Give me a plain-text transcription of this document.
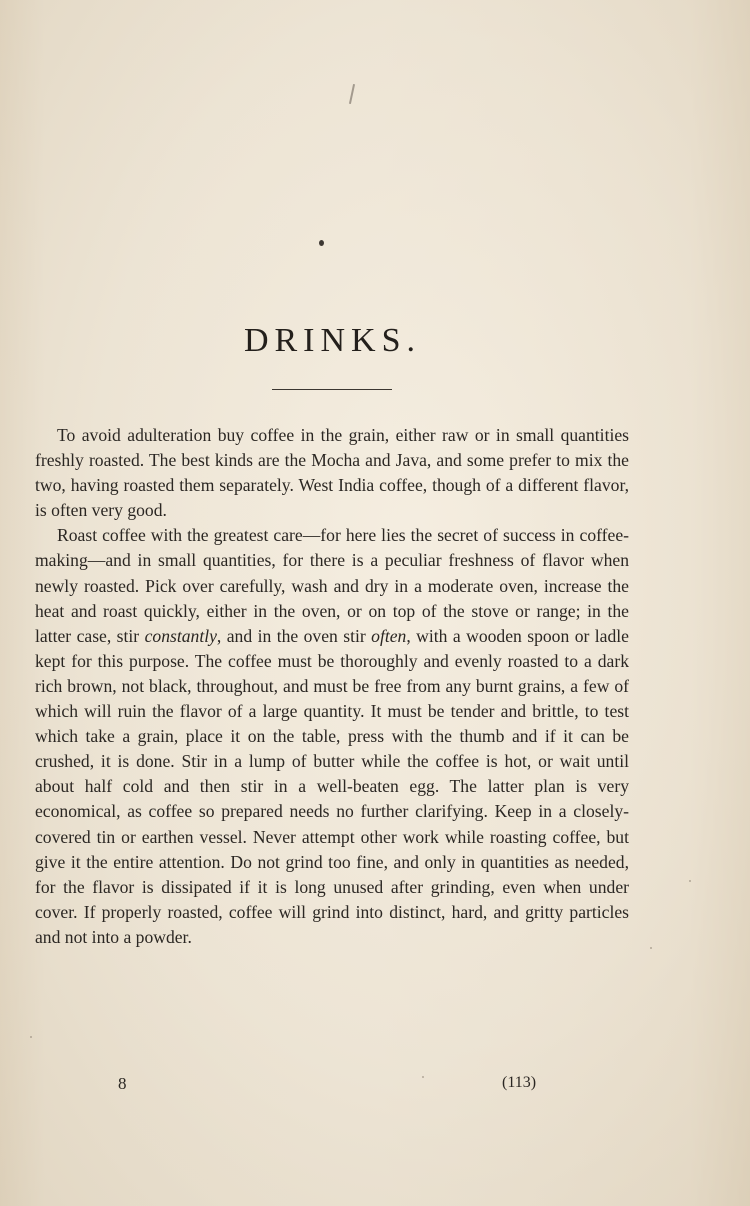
DRINKS.

To avoid adulteration buy coffee in the grain, either raw or in small quantities freshly roasted. The best kinds are the Mocha and Java, and some prefer to mix the two, having roasted them separately. West India coffee, though of a different flavor, is often very good.

Roast coffee with the greatest care—for here lies the secret of success in coffee-making—and in small quantities, for there is a peculiar freshness of flavor when newly roasted. Pick over carefully, wash and dry in a moderate oven, increase the heat and roast quickly, either in the oven, or on top of the stove or range; in the latter case, stir constantly, and in the oven stir often, with a wooden spoon or ladle kept for this purpose. The coffee must be thoroughly and evenly roasted to a dark rich brown, not black, throughout, and must be free from any burnt grains, a few of which will ruin the flavor of a large quantity. It must be tender and brittle, to test which take a grain, place it on the table, press with the thumb and if it can be crushed, it is done. Stir in a lump of butter while the coffee is hot, or wait until about half cold and then stir in a well-beaten egg. The latter plan is very economical, as coffee so prepared needs no further clarifying. Keep in a closely-covered tin or earthen vessel. Never attempt other work while roasting coffee, but give it the entire attention. Do not grind too fine, and only in quantities as needed, for the flavor is dissipated if it is long unused after grinding, even when under cover. If properly roasted, coffee will grind into distinct, hard, and gritty particles and not into a powder.

8	(113)
